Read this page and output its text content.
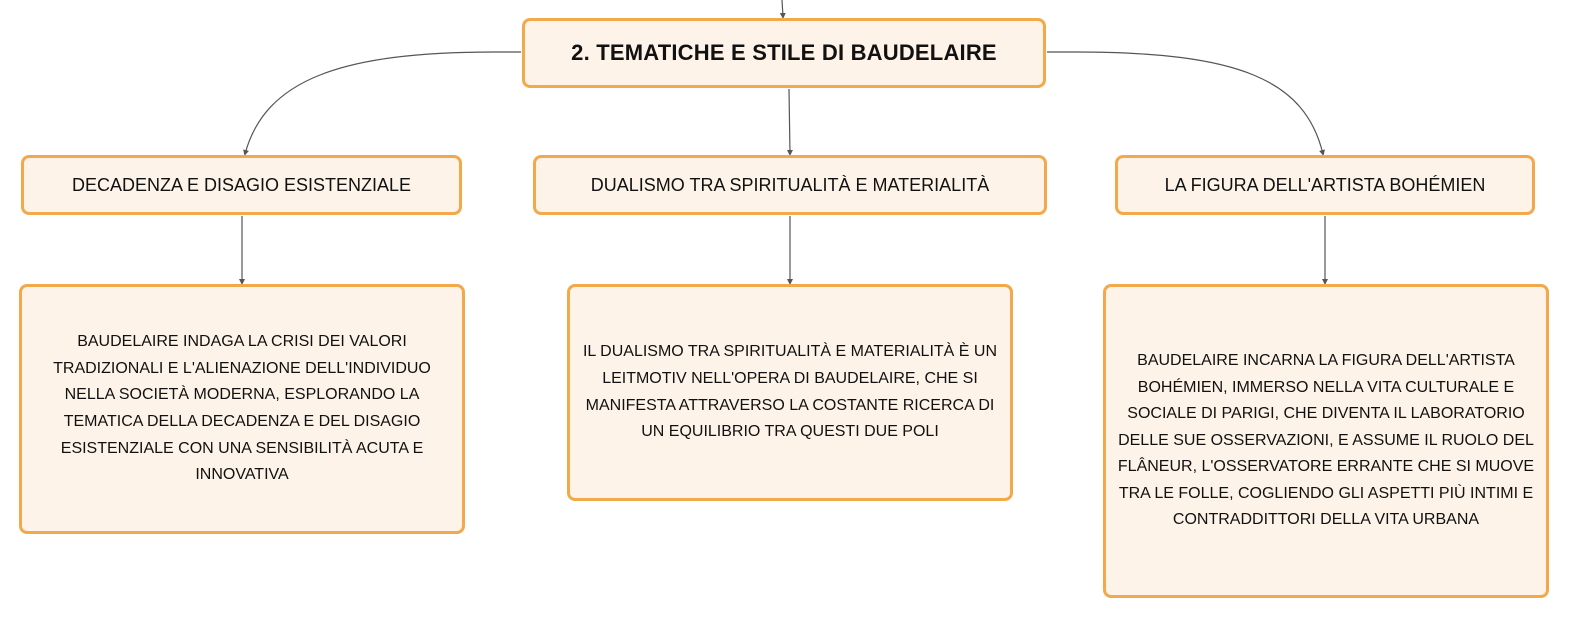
2. TEMATICHE E STILE DI BAUDELAIRE
DECADENZA E DISAGIO ESISTENZIALE	DUALISMO TRA SPIRITUALITÀ E MATERIALITÀ	LA FIGURA DELL'ARTISTA BOHÉMIEN
BAUDELAIRE INDAGA LA CRISI DEI VALORI TRADIZIONALI E L'ALIENAZIONE DELL'INDIVIDUO NELLA SOCIETÀ MODERNA, ESPLORANDO LA TEMATICA DELLA DECADENZA E DEL DISAGIO ESISTENZIALE CON UNA SENSIBILITÀ ACUTA E INNOVATIVA
IL DUALISMO TRA SPIRITUALITÀ E MATERIALITÀ È UN LEITMOTIV NELL'OPERA DI BAUDELAIRE, CHE SI MANIFESTA ATTRAVERSO LA COSTANTE RICERCA DI UN EQUILIBRIO TRA QUESTI DUE POLI
BAUDELAIRE INCARNA LA FIGURA DELL'ARTISTA BOHÉMIEN, IMMERSO NELLA VITA CULTURALE E SOCIALE DI PARIGI, CHE DIVENTA IL LABORATORIO DELLE SUE OSSERVAZIONI, E ASSUME IL RUOLO DEL FLÂNEUR, L'OSSERVATORE ERRANTE CHE SI MUOVE TRA LE FOLLE, COGLIENDO GLI ASPETTI PIÙ INTIMI E CONTRADDITTORI DELLA VITA URBANA
